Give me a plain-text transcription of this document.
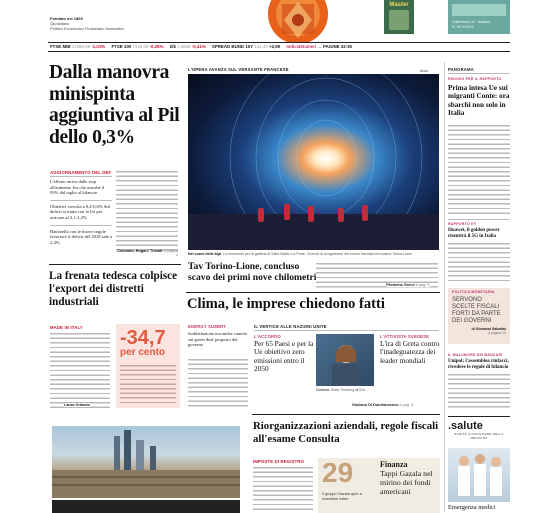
Fondato nel 1865
Quotidiano
Politico Economico Finanziario Normativo
Master
Colleziona Lei - Nadeux
N. XX 2XXXX
FTSE MIB 21899,88 -1,01% FTSE 100 7326,08 -0,26% €/$ 1,0888 -0,41% SPREAD BUND 10Y 141,40 +2,90 Indici&Numeri → PAGINE 32-35
Dalla manovra minispinta aggiuntiva al Pil dello 0,3%
AGGIORNAMENTO DEL DEF
L'effetto arriva dalle stop all'aumento Iva che assorbe il 93% dal taglio al bilancio
Obiettivi crescita a 0,4-0,6% Sul deficit si tratta con la Ue per arrivare al 2,1-2,2%
Battistella con le nuove regole favorisce il deficit del 2018 sale a 2,4%
Colombo, Rogari, Trovati a pagina 2
La frenata tedesca colpisce l'export dei distretti industriali
MADE IN ITALY
Laura Orlando
-34,7
per cento
L'OPERA AVANZA SUL VERSANTE FRANCESE	Ansa
Nel cuore delle Alpi. La cerimonia per la galleria di Saint Martin La Porte, il tunnel di ricognizione del nuovo tracciato ferroviario Torino-Lione.
Tav Torino-Lione, concluso scavo dei primi nove chilometri
Filomena Greco a pag. 9
Clima, le imprese chiedono fatti
ENERGY SUMMIT
Soddisfazione ma anche cautela sui green deal proposto dal governo
IL VERTICE ALLE NAZIONI UNITE
L'ACCORDO
Per 65 Paesi e per la Ue obiettivo zero emissioni entro il 2050
Contesa. Greta Thunberg all'Onu
L'ATTIVISTA SVEDESE
L'ira di Greta contro l'inadeguatezza dei leader mondiali
Giuliano Di Donfrancesco a pag. 3
Riorganizzazioni aziendali, regole fiscali all'esame Consulta
IMPOSTE DI REGISTRO 29
Il gruppo Gazala apre a investitori esteri
Finanza
Tappi Gazala nel mirino dei fondi americani
PANORAMA
RISCHIO PER IL RAPPORTO
Prima intesa Ue sui migranti Conte: ora sbarchi non solo in Italia
RAPPORTO EY
Huawei, il golden power risentirà il 5G in Italia
POLITICA MONETARIA
SERVONO SCELTE FISCALI FORTI DA PARTE DEI GOVERNI
di Giovanni Sabatini
a pagina 10
IL MALUMORE DEI BANCARI
Unipol: l'assemblea rinfacci, rivedere le regole di bilancio
.salute
SANITÀ & FRONTIERE DELLA MEDICINA
Emergenza medici
